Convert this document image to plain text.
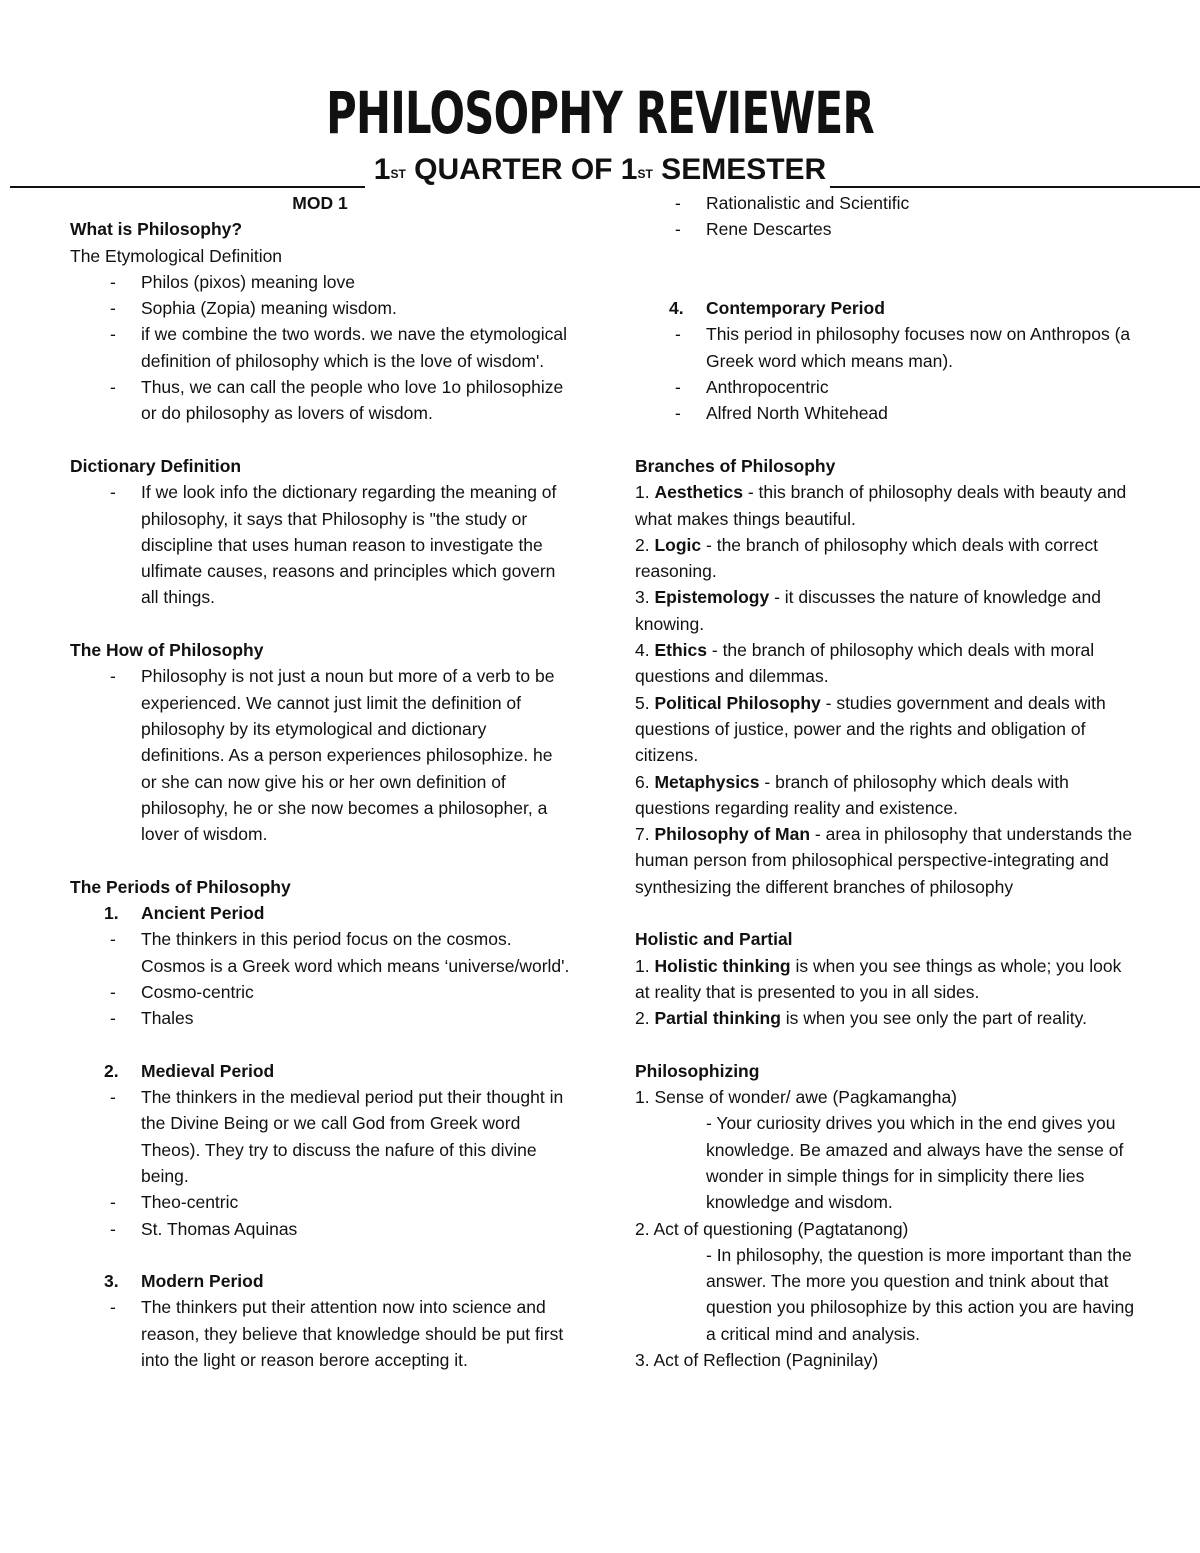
PHILOSOPHY REVIEWER
1ST QUARTER OF 1ST SEMESTER

MOD 1

What is Philosophy?

The Etymological Definition

- Philos (pixos) meaning love
- Sophia (Zopia) meaning wisdom.
- if we combine the two words. we nave the etymological definition of philosophy which is the love of wisdom'.
- Thus, we can call the people who love 1o philosophize or do philosophy as lovers of wisdom.

Dictionary Definition

- If we look info the dictionary regarding the meaning of philosophy, it says that Philosophy is "the study or discipline that uses human reason to investigate the ulfimate causes, reasons and principles which govern all things.

The How of Philosophy

- Philosophy is not just a noun but more of a verb to be experienced. We cannot just limit the definition of philosophy by its etymological and dictionary definitions. As a person experiences philosophize. he or she can now give his or her own definition of philosophy, he or she now becomes a philosopher, a lover of wisdom.

The Periods of Philosophy

1. Ancient Period

- The thinkers in this period focus on the cosmos. Cosmos is a Greek word which means ‘universe/world'.
- Cosmo-centric
- Thales

2. Medieval Period

- The thinkers in the medieval period put their thought in the Divine Being or we call God from Greek word Theos). They try to discuss the nafure of this divine being.
- Theo-centric
- St. Thomas Aquinas

3. Modern Period

- The thinkers put their attention now into science and reason, they believe that knowledge should be put first into the light or reason berore accepting it.
- Rationalistic and Scientific
- Rene Descartes

4. Contemporary Period

- This period in philosophy focuses now on Anthropos (a Greek word which means man).
- Anthropocentric
- Alfred North Whitehead

Branches of Philosophy

1. Aesthetics - this branch of philosophy deals with beauty and what makes things beautiful.

2. Logic - the branch of philosophy which deals with correct reasoning.

3. Epistemology - it discusses the nature of knowledge and knowing.

4. Ethics - the branch of philosophy which deals with moral questions and dilemmas.

5. Political Philosophy - studies government and deals with questions of justice, power and the rights and obligation of citizens.

6. Metaphysics - branch of philosophy which deals with questions regarding reality and existence.

7. Philosophy of Man - area in philosophy that understands the human person from philosophical perspective-integrating and synthesizing the different branches of philosophy

Holistic and Partial

1. Holistic thinking is when you see things as whole; you look at reality that is presented to you in all sides.

2. Partial thinking is when you see only the part of reality.

Philosophizing

1. Sense of wonder/ awe (Pagkamangha)

- Your curiosity drives you which in the end gives you knowledge. Be amazed and always have the sense of wonder in simple things for in simplicity there lies knowledge and wisdom.

2. Act of questioning (Pagtatanong)

- In philosophy, the question is more important than the answer. The more you question and tnink about that question you philosophize by this action you are having a critical mind and analysis.

3. Act of Reflection (Pagninilay)
